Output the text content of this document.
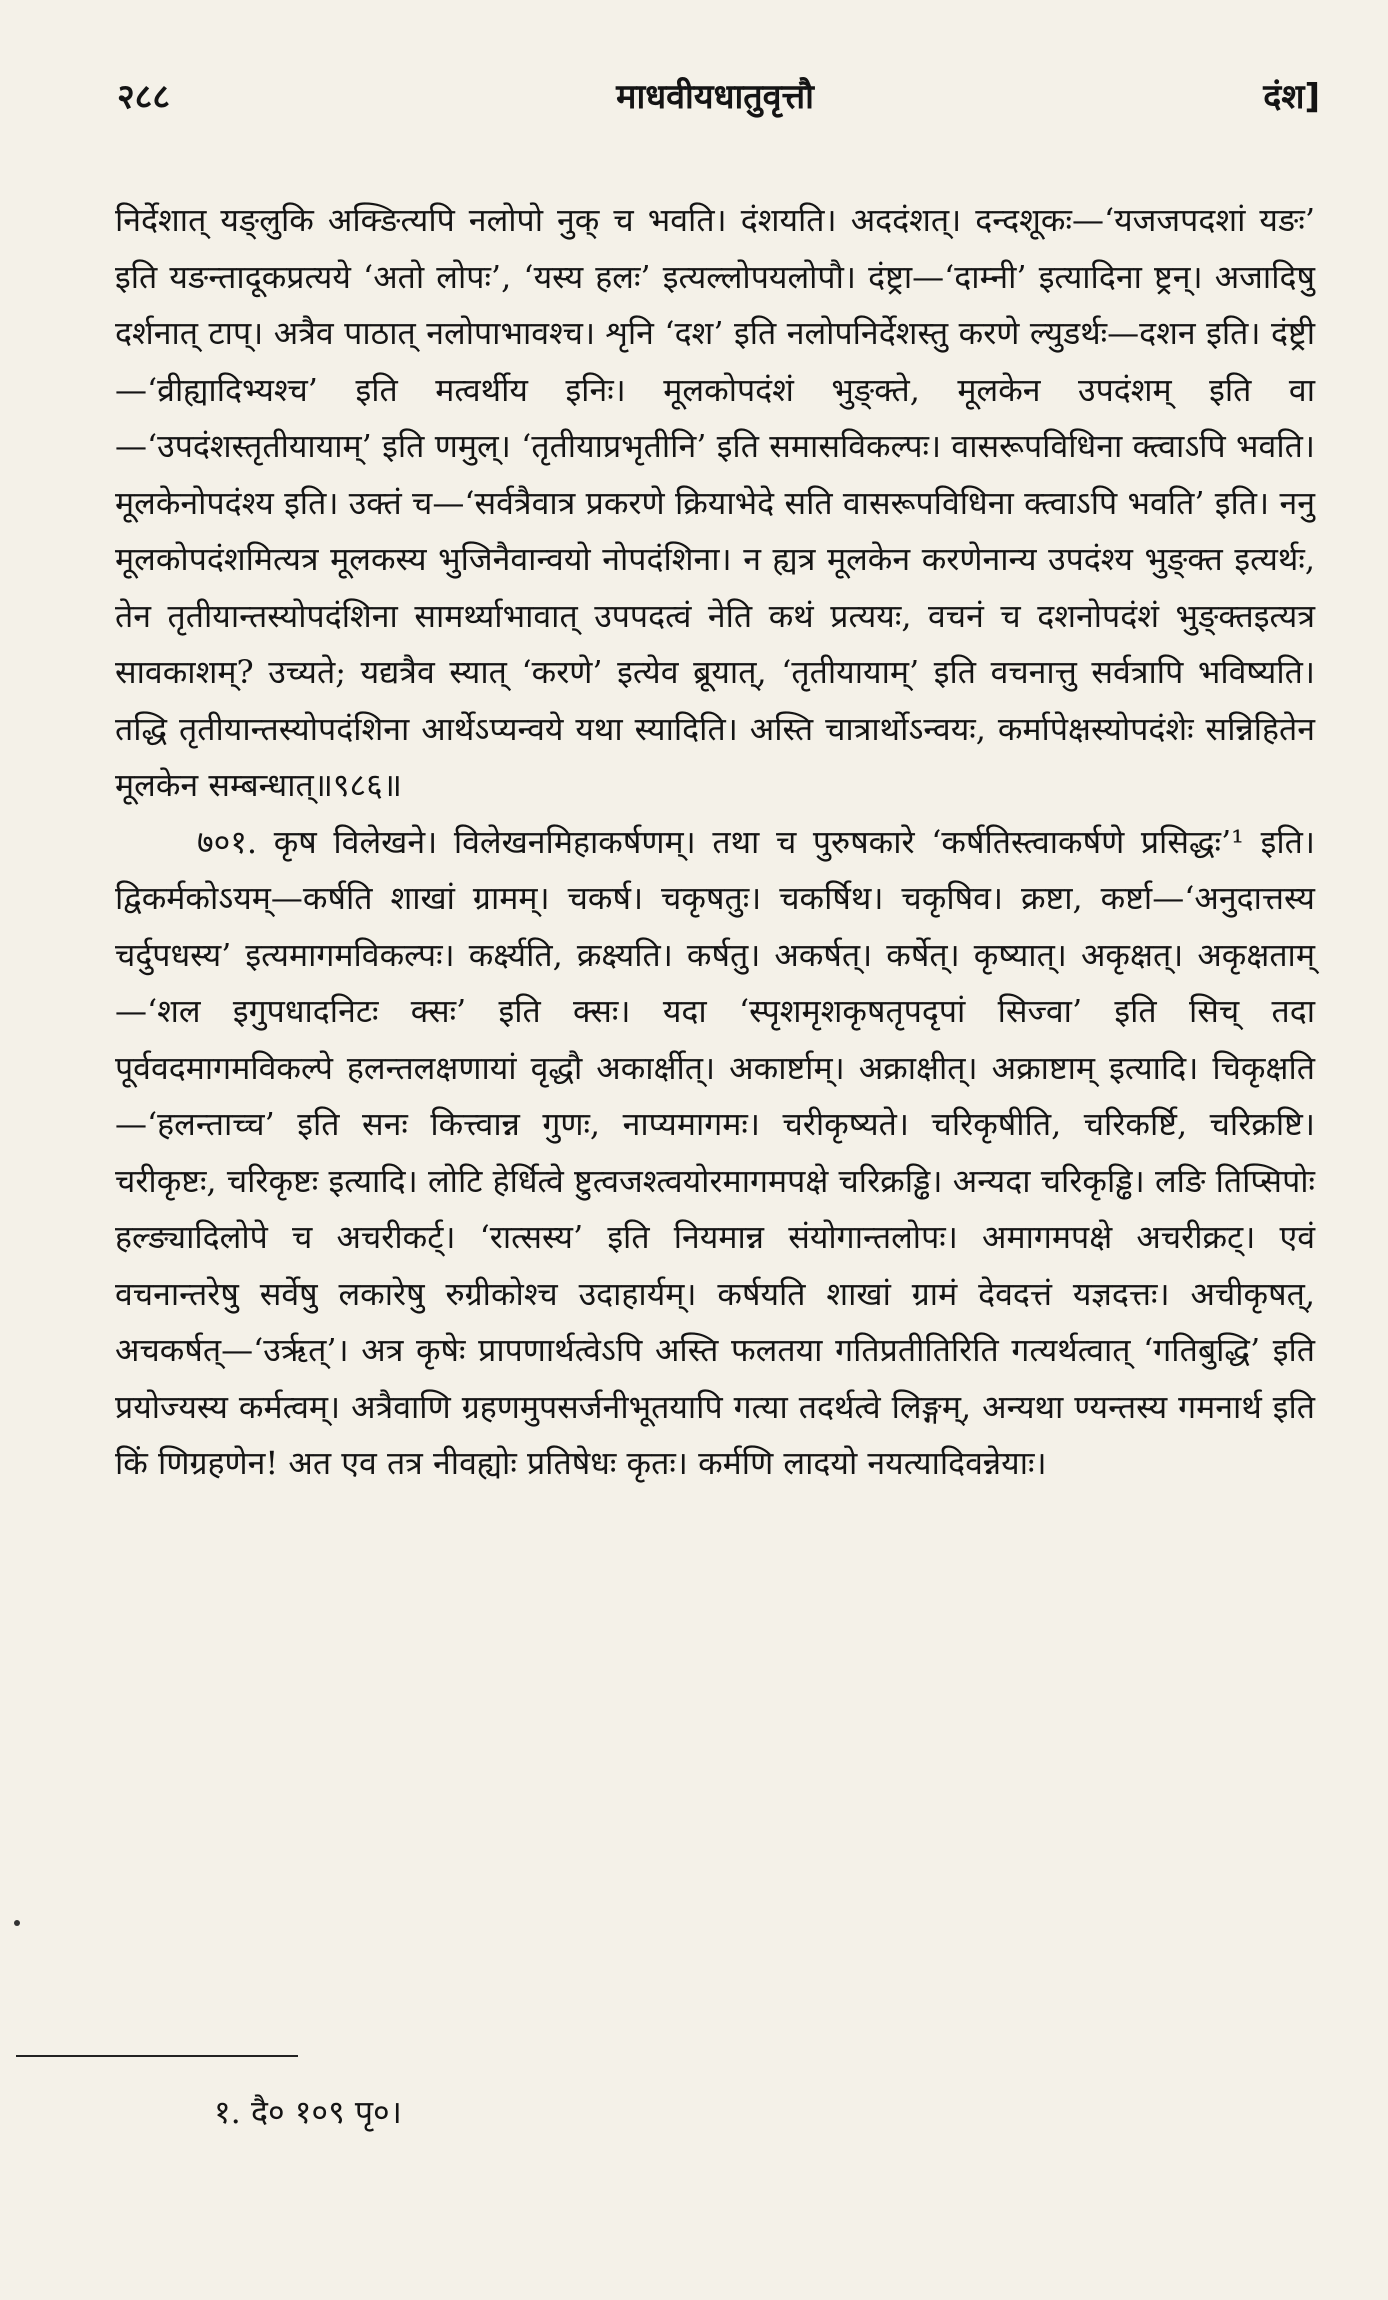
२८८	माधवीयधातुवृत्तौ	दंश]

निर्देशात् यङ्लुकि अक्ङित्यपि नलोपो नुक् च भवति। दंशयति। अददंशत्। दन्दशूकः—‘यजजपदशां यङः’ इति यङन्तादूकप्रत्यये ‘अतो लोपः’, ‘यस्य हलः’ इत्यल्लोपयलोपौ। दंष्ट्रा—‘दाम्नी’ इत्यादिना ष्ट्रन्। अजादिषु दर्शनात् टाप्। अत्रैव पाठात् नलोपाभावश्च। शृनि ‘दश’ इति नलोपनिर्देशस्तु करणे ल्युडर्थः—दशन इति। दंष्ट्री—‘व्रीह्यादिभ्यश्च’ इति मत्वर्थीय इनिः। मूलकोपदंशं भुङ्क्ते, मूलकेन उपदंशम् इति वा—‘उपदंशस्तृतीयायाम्’ इति णमुल्। ‘तृतीयाप्रभृतीनि’ इति समासविकल्पः। वासरूपविधिना क्त्वाऽपि भवति। मूलकेनोपदंश्य इति। उक्तं च—‘सर्वत्रैवात्र प्रकरणे क्रियाभेदे सति वासरूपविधिना क्त्वाऽपि भवति’ इति। ननु मूलकोपदंशमित्यत्र मूलकस्य भुजिनैवान्वयो नोपदंशिना। न ह्यत्र मूलकेन करणेनान्य उपदंश्य भुङ्क्त इत्यर्थः, तेन तृतीयान्तस्योपदंशिना सामर्थ्याभावात् उपपदत्वं नेति कथं प्रत्ययः, वचनं च दशनोपदंशं भुङ्क्तइत्यत्र सावकाशम्? उच्यते; यद्यत्रैव स्यात् ‘करणे’ इत्येव ब्रूयात्, ‘तृतीयायाम्’ इति वचनात्तु सर्वत्रापि भविष्यति। तद्धि तृतीयान्तस्योपदंशिना आर्थेऽप्यन्वये यथा स्यादिति। अस्ति चात्रार्थोऽन्वयः, कर्मापेक्षस्योपदंशेः सन्निहितेन मूलकेन सम्बन्धात्॥९८६॥

७०१. कृष विलेखने। विलेखनमिहाकर्षणम्। तथा च पुरुषकारे ‘कर्षतिस्त्वाकर्षणे प्रसिद्धः’¹ इति। द्विकर्मकोऽयम्—कर्षति शाखां ग्रामम्। चकर्ष। चकृषतुः। चकर्षिथ। चकृषिव। क्रष्टा, कर्ष्टा—‘अनुदात्तस्य चर्दुपधस्य’ इत्यमागमविकल्पः। कर्क्ष्यति, क्रक्ष्यति। कर्षतु। अकर्षत्। कर्षेत्। कृष्यात्। अकृक्षत्। अकृक्षताम्—‘शल इगुपधादनिटः क्सः’ इति क्सः। यदा ‘स्पृशमृशकृषतृपदृपां सिज्वा’ इति सिच् तदा पूर्ववदमागमविकल्पे हलन्तलक्षणायां वृद्धौ अकार्क्षीत्। अकार्ष्टाम्। अक्राक्षीत्। अक्राष्टाम् इत्यादि। चिकृक्षति—‘हलन्ताच्च’ इति सनः कित्त्वान्न गुणः, नाप्यमागमः। चरीकृष्यते। चरिकृषीति, चरिकर्ष्टि, चरिक्रष्टि। चरीकृष्टः, चरिकृष्टः इत्यादि। लोटि हेर्धित्वे ष्टुत्वजश्त्वयोरमागमपक्षे चरिक्रड्ढि। अन्यदा चरिकृड्ढि। लङि तिप्सिपोः हल्ङ्यादिलोपे च अचरीकर्ट्। ‘रात्सस्य’ इति नियमान्न संयोगान्तलोपः। अमागमपक्षे अचरीक्रट्। एवं वचनान्तरेषु सर्वेषु लकारेषु रुग्रीकोश्च उदाहार्यम्। कर्षयति शाखां ग्रामं देवदत्तं यज्ञदत्तः। अचीकृषत्, अचकर्षत्—‘उर्ऋत्’। अत्र कृषेः प्रापणार्थत्वेऽपि अस्ति फलतया गतिप्रतीतिरिति गत्यर्थत्वात् ‘गतिबुद्धि’ इति प्रयोज्यस्य कर्मत्वम्। अत्रैवाणि ग्रहणमुपसर्जनीभूतयापि गत्या तदर्थत्वे लिङ्गम्, अन्यथा ण्यन्तस्य गमनार्थ इति किं णिग्रहणेन! अत एव तत्र नीवह्योः प्रतिषेधः कृतः। कर्मणि लादयो नयत्यादिवन्नेयाः।

१. दै० १०९ पृ०।
